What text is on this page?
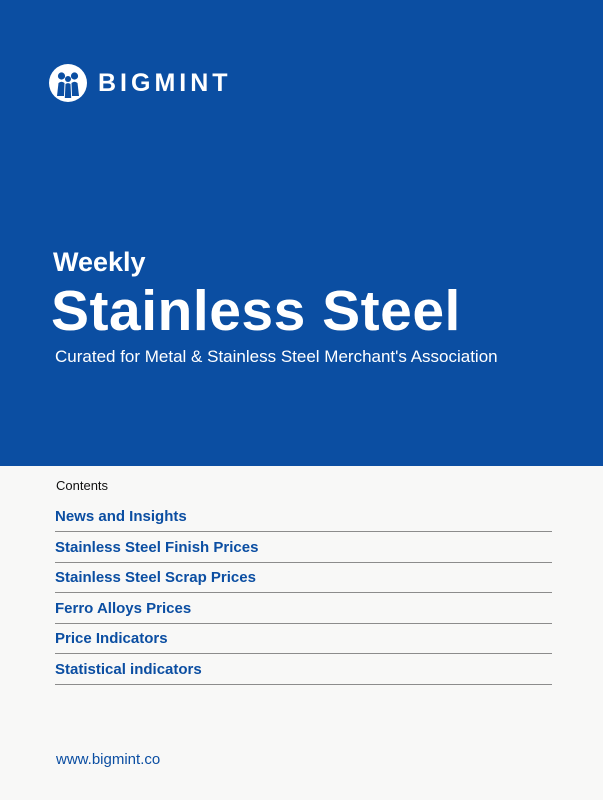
BIGMINT
Weekly
Stainless Steel
Curated for Metal & Stainless Steel Merchant's Association
Contents
News and Insights
Stainless Steel Finish Prices
Stainless Steel Scrap Prices
Ferro Alloys Prices
Price Indicators
Statistical indicators
www.bigmint.co
